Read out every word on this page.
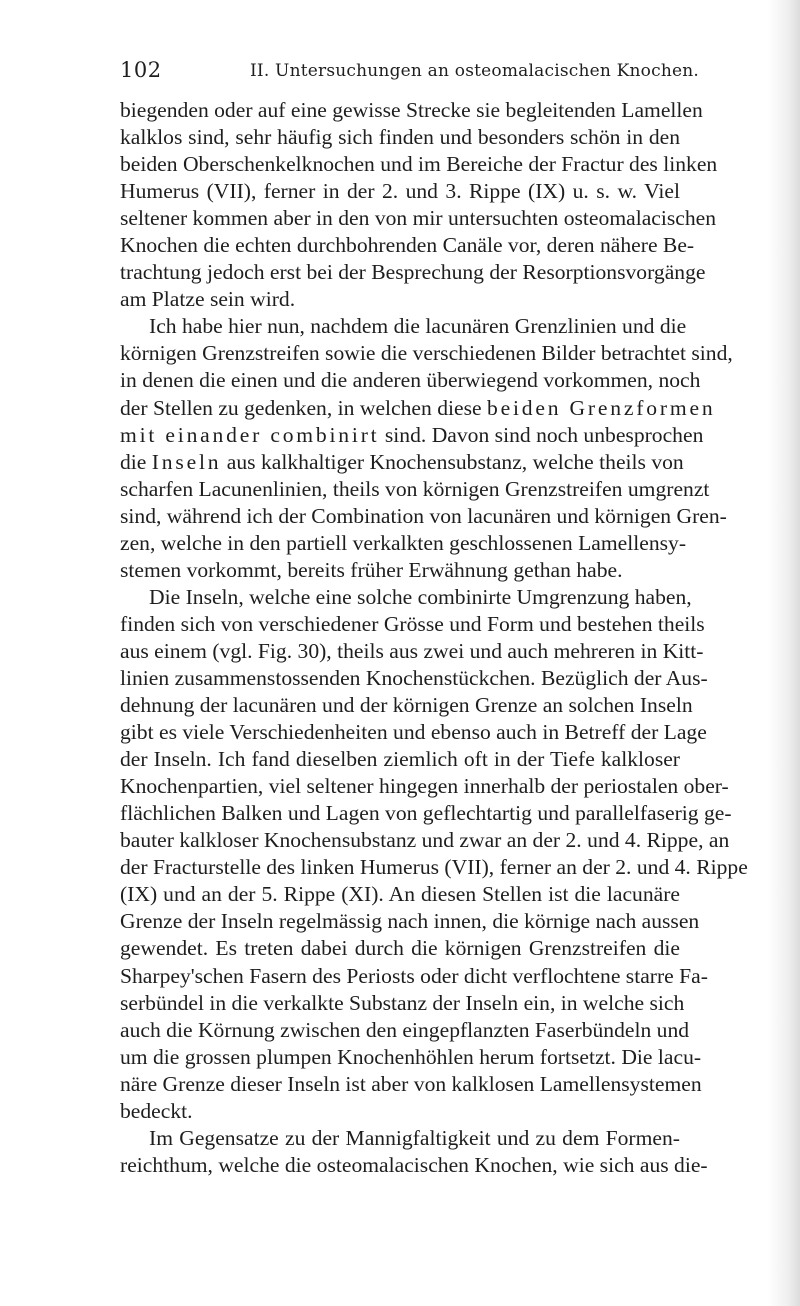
102	II. Untersuchungen an osteomalacischen Knochen.
biegenden oder auf eine gewisse Strecke sie begleitenden Lamellen
kalklos sind, sehr häufig sich finden und besonders schön in den
beiden Oberschenkelknochen und im Bereiche der Fractur des linken
Humerus (VII), ferner in der 2. und 3. Rippe (IX) u. s. w. Viel
seltener kommen aber in den von mir untersuchten osteomalacischen
Knochen die echten durchbohrenden Canäle vor, deren nähere Be-
trachtung jedoch erst bei der Besprechung der Resorptionsvorgänge
am Platze sein wird.
Ich habe hier nun, nachdem die lacunären Grenzlinien und die
körnigen Grenzstreifen sowie die verschiedenen Bilder betrachtet sind,
in denen die einen und die anderen überwiegend vorkommen, noch
der Stellen zu gedenken, in welchen diese beiden Grenzformen
mit einander combinirt sind. Davon sind noch unbesprochen
die Inseln aus kalkhaltiger Knochensubstanz, welche theils von
scharfen Lacunenlinien, theils von körnigen Grenzstreifen umgrenzt
sind, während ich der Combination von lacunären und körnigen Gren-
zen, welche in den partiell verkalkten geschlossenen Lamellensy-
stemen vorkommt, bereits früher Erwähnung gethan habe.
Die Inseln, welche eine solche combinirte Umgrenzung haben,
finden sich von verschiedener Grösse und Form und bestehen theils
aus einem (vgl. Fig. 30), theils aus zwei und auch mehreren in Kitt-
linien zusammenstossenden Knochenstückchen. Bezüglich der Aus-
dehnung der lacunären und der körnigen Grenze an solchen Inseln
gibt es viele Verschiedenheiten und ebenso auch in Betreff der Lage
der Inseln. Ich fand dieselben ziemlich oft in der Tiefe kalkloser
Knochenpartien, viel seltener hingegen innerhalb der periostalen ober-
flächlichen Balken und Lagen von geflechtartig und parallelfaserig ge-
bauter kalkloser Knochensubstanz und zwar an der 2. und 4. Rippe, an
der Fracturstelle des linken Humerus (VII), ferner an der 2. und 4. Rippe
(IX) und an der 5. Rippe (XI). An diesen Stellen ist die lacunäre
Grenze der Inseln regelmässig nach innen, die körnige nach aussen
gewendet. Es treten dabei durch die körnigen Grenzstreifen die
Sharpey'schen Fasern des Periosts oder dicht verflochtene starre Fa-
serbündel in die verkalkte Substanz der Inseln ein, in welche sich
auch die Körnung zwischen den eingepflanzten Faserbündeln und
um die grossen plumpen Knochenhöhlen herum fortsetzt. Die lacu-
näre Grenze dieser Inseln ist aber von kalklosen Lamellensystemen
bedeckt.
Im Gegensatze zu der Mannigfaltigkeit und zu dem Formen-
reichthum, welche die osteomalacischen Knochen, wie sich aus die-
